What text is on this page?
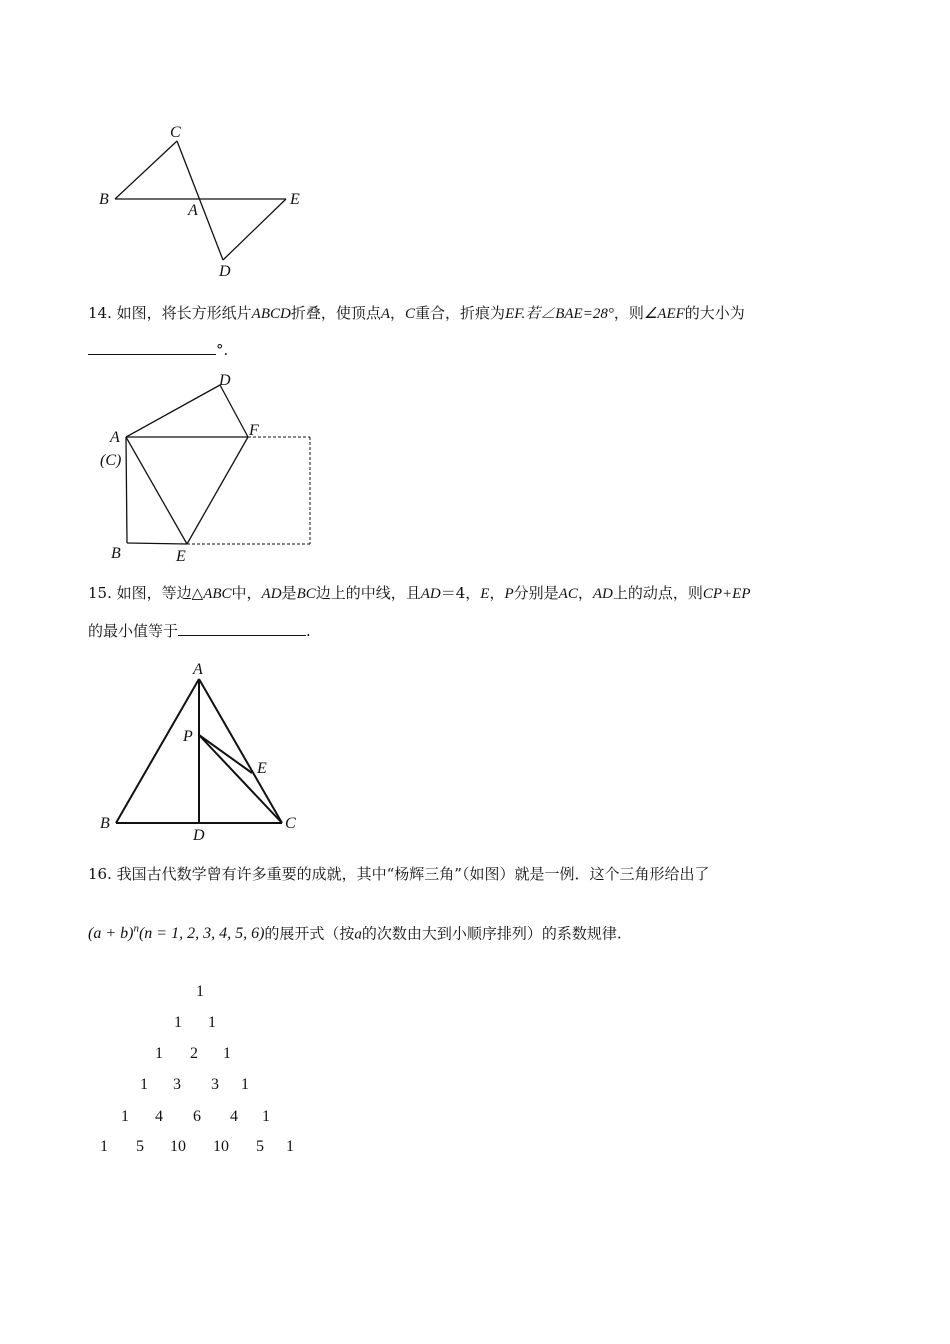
C
B
A
E
D
D
A
(C)
F
B	E
A
P
E
B
D
C
14. 如图，将长方形纸片ABCD折叠，使顶点A，C重合，折痕为EF.若∠BAE=28°，则∠AEF的大小为
°.
15. 如图，等边△ABC中，AD是BC边上的中线，且AD＝4，E，P分别是AC，AD上的动点，则CP+EP
的最小值等于	.
16. 我国古代数学曾有许多重要的成就，其中“杨辉三角”（如图）就是一例．这个三角形给出了
$(a + b)^n(n = 1$, 2, 3, 4, 5, 6)的展开式（按a的次数由大到小顺序排列）的系数规律.
1
1 1
1 2 1
1 3 3 1
1 4 6 4 1
1 5 10 10 5 1
